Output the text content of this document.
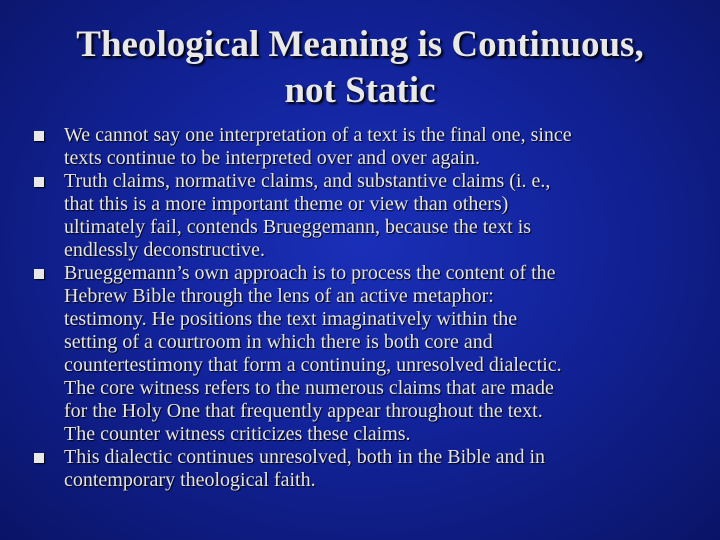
Theological Meaning is Continuous,
not Static
We cannot say one interpretation of a text is the final one, since
texts continue to be interpreted over and over again.
Truth claims, normative claims, and substantive claims (i. e.,
that this is a more important theme or view than others)
ultimately fail, contends Brueggemann, because the text is
endlessly deconstructive.
Brueggemann’s own approach is to process the content of the
Hebrew Bible through the lens of an active metaphor:
testimony. He positions the text imaginatively within the
setting of a courtroom in which there is both core and
countertestimony that form a continuing, unresolved dialectic.
The core witness refers to the numerous claims that are made
for the Holy One that frequently appear throughout the text.
The counter witness criticizes these claims.
This dialectic continues unresolved, both in the Bible and in
contemporary theological faith.
